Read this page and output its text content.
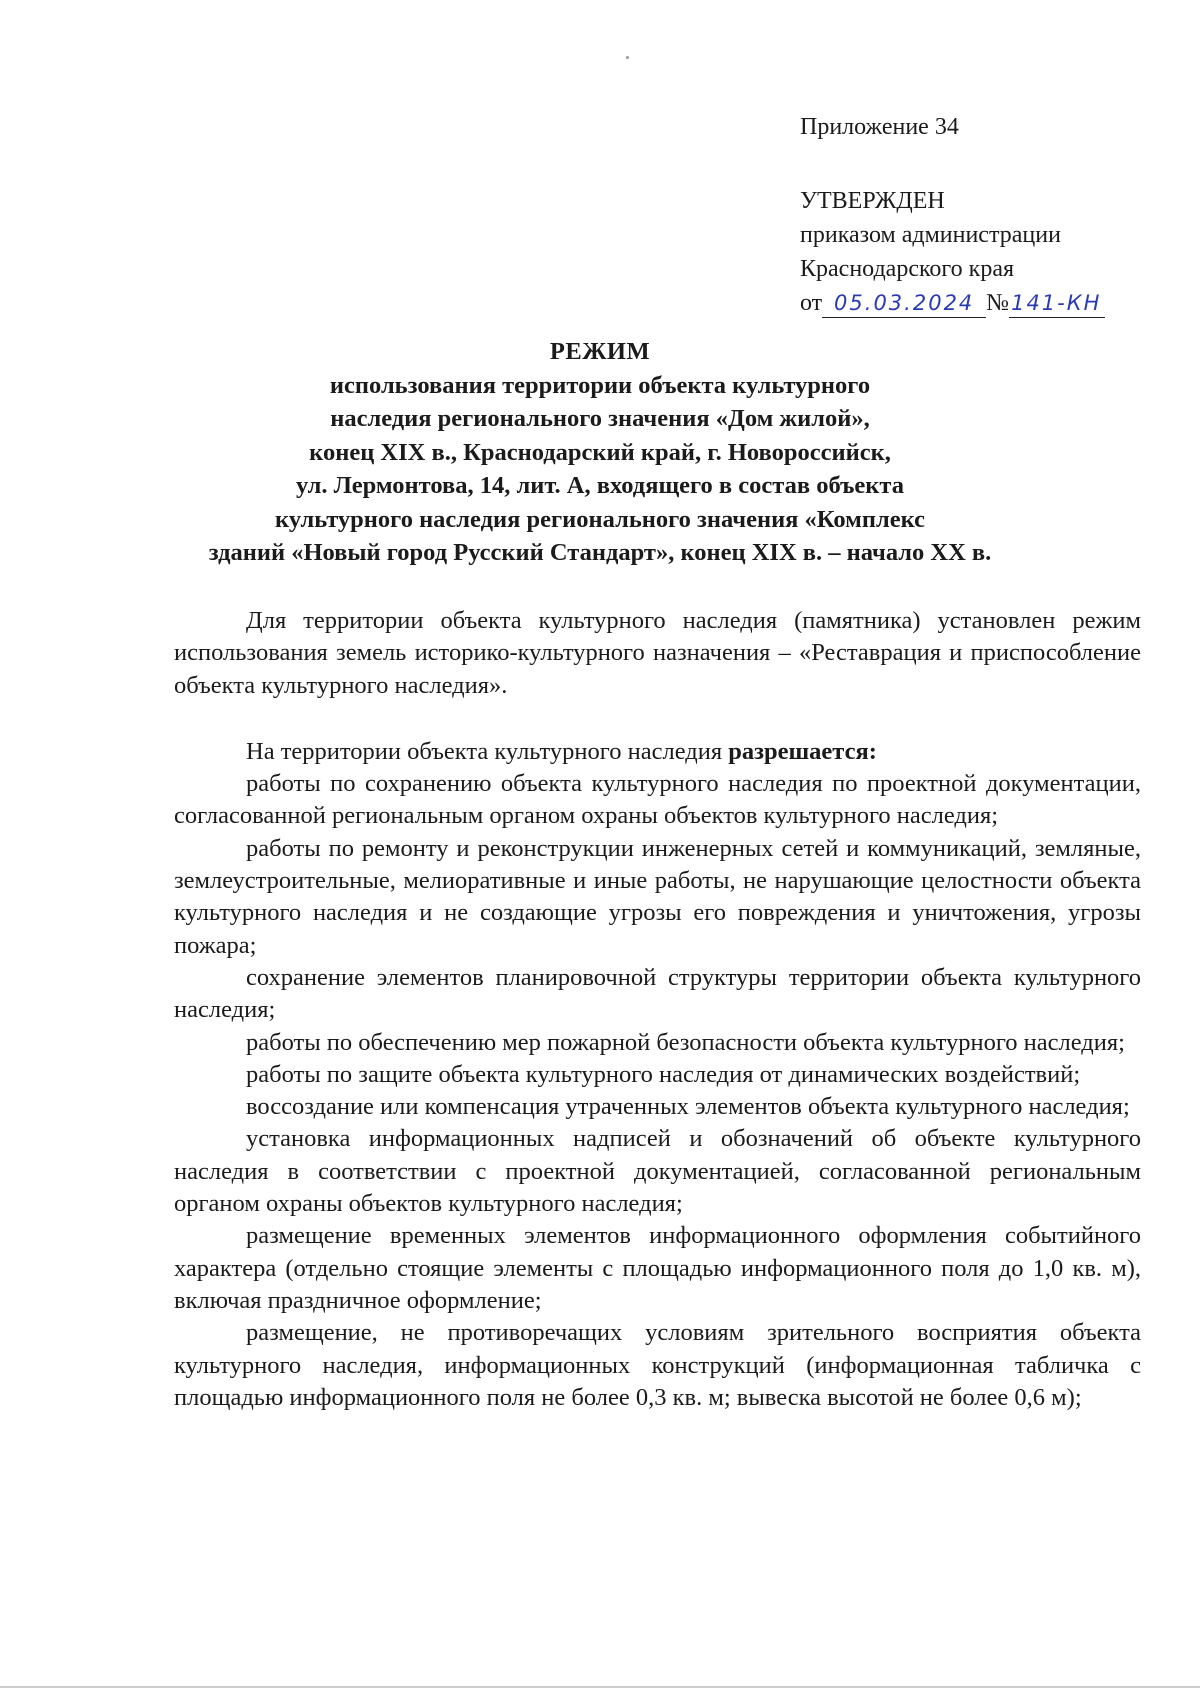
Приложение 34
УТВЕРЖДЕН
приказом администрации
Краснодарского края
от 05.03.2024 №141-КН
РЕЖИМ
использования территории объекта культурного
наследия регионального значения «Дом жилой»,
конец XIX в., Краснодарский край, г. Новороссийск,
ул. Лермонтова, 14, лит. А, входящего в состав объекта
культурного наследия регионального значения «Комплекс
зданий «Новый город Русский Стандарт», конец XIX в. – начало XX в.

Для территории объекта культурного наследия (памятника) установлен режим использования земель историко-культурного назначения – «Реставрация и приспособление объекта культурного наследия».

На территории объекта культурного наследия разрешается:

работы по сохранению объекта культурного наследия по проектной документации, согласованной региональным органом охраны объектов культурного наследия;

работы по ремонту и реконструкции инженерных сетей и коммуникаций, земляные, землеустроительные, мелиоративные и иные работы, не нарушающие целостности объекта культурного наследия и не создающие угрозы его повреждения и уничтожения, угрозы пожара;

сохранение элементов планировочной структуры территории объекта культурного наследия;

работы по обеспечению мер пожарной безопасности объекта культурного наследия;

работы по защите объекта культурного наследия от динамических воздействий;

воссоздание или компенсация утраченных элементов объекта культурного наследия;

установка информационных надписей и обозначений об объекте культурного наследия в соответствии с проектной документацией, согласованной региональным органом охраны объектов культурного наследия;

размещение временных элементов информационного оформления событийного характера (отдельно стоящие элементы с площадью информационного поля до 1,0 кв. м), включая праздничное оформление;

размещение, не противоречащих условиям зрительного восприятия объекта культурного наследия, информационных конструкций (информационная табличка с площадью информационного поля не более 0,3 кв. м; вывеска высотой не более 0,6 м);
